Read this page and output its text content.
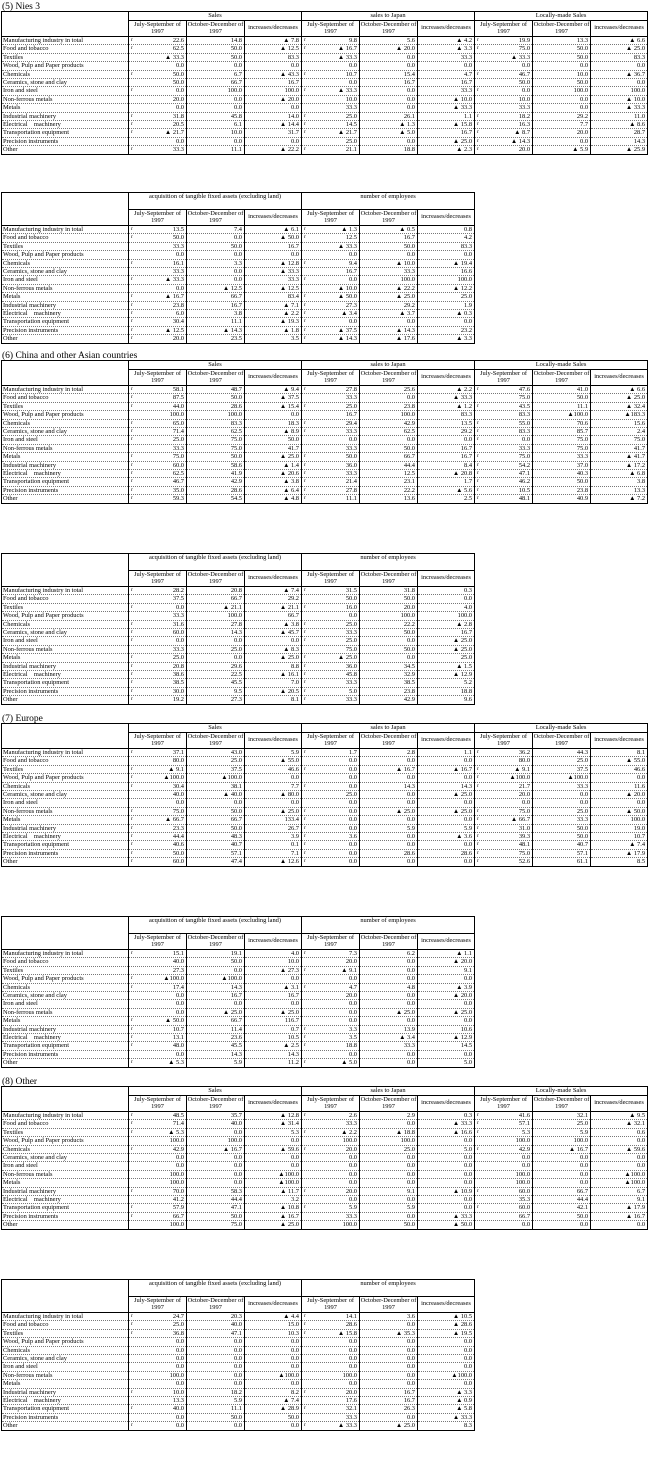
(5) Nies 3
	Sales			sales to Japan			Locally-made Sales		
	July-September of 1997	October-December of 1997	increases/decreases	July-September of 1997	October-December of 1997	increases/decreases	July-September of 1997	October-December of 1997	increases/decreases
Manufacturing industry in total	r 22.6	14.8	▲ 7.8	r 9.8	5.6	▲ 4.2	r 19.9	13.3	▲ 6.6
Food and tobacco	r 62.5	50.0	▲ 12.5	r ▲ 16.7	▲ 20.0	▲ 3.3	r 75.0	50.0	▲ 25.0
Textiles	▲ 33.3	50.0	83.3	▲ 33.3	0.0	33.3	▲ 33.3	50.0	83.3
Wood, Pulp and Paper products	0.0	0.0	0.0	0.0	0.0	0.0	0.0	0.0	0.0
Chemicals	r 50.0	6.7	▲ 43.3	r 10.7	15.4	4.7	r 46.7	10.0	▲ 36.7
Ceramics, stone and clay	50.0	66.7	16.7	0.0	16.7	16.7	50.0	50.0	0.0
Iron and steel	r 0.0	100.0	100.0	r ▲ 33.3	0.0	33.3	r 0.0	100.0	100.0
Non-ferrous metals	20.0	0.0	▲ 20.0	10.0	0.0	▲ 10.0	10.0	0.0	▲ 10.0
Metals	0.0	0.0	0.0	33.3	0.0	▲ 33.3	33.3	0.0	▲ 33.3
Industrial machinery	r 31.8	45.8	14.0	r 25.0	26.1	1.1	r 18.2	29.2	11.0
Electrical　machinery	r 20.5	6.1	▲ 14.4	r 14.5	▲ 1.3	▲ 15.8	r 16.3	7.7	▲ 8.6
Transportation equipment	r ▲ 21.7	10.0	31.7	r ▲ 21.7	▲ 5.0	16.7	r ▲ 8.7	20.0	28.7
Precision instruments	0.0	0.0	0.0	25.0	0.0	▲ 25.0	r ▲ 14.3	0.0	14.3
Other	r 33.3	11.1	▲ 22.2	r 21.1	18.8	▲ 2.3	r 20.0	▲ 5.9	▲ 25.9
	acquisition of tangible fixed assets (excluding land)			number of employees		
	July-September of 1997	October-December of 1997	increases/decreases	July-September of 1997	October-December of 1997	increases/decreases
Manufacturing industry in total	r 13.5	7.4	▲ 6.1	r ▲ 1.3	▲ 0.5	0.8
Food and tobacco	r 50.0	0.0	▲ 50.0	r 12.5	16.7	4.2
Textiles	33.3	50.0	16.7	▲ 33.3	50.0	83.3
Wood, Pulp and Paper products	0.0	0.0	0.0	0.0	0.0	0.0
Chemicals	r 16.1	3.3	▲ 12.8	r 9.4	▲ 10.0	▲ 19.4
Ceramics, stone and clay	33.3	0.0	▲ 33.3	16.7	33.3	16.6
Iron and steel	r ▲ 33.3	0.0	33.3	r 0.0	100.0	100.0
Non-ferrous metals	0.0	▲ 12.5	▲ 12.5	▲ 10.0	▲ 22.2	▲ 12.2
Metals	r ▲ 16.7	66.7	83.4	r ▲ 50.0	▲ 25.0	25.0
Industrial machinery	r 23.8	16.7	▲ 7.1	r 27.3	29.2	1.9
Electrical　machinery	r 6.0	3.8	▲ 2.2	r ▲ 3.4	▲ 3.7	▲ 0.3
Transportation equipment	r 30.4	11.1	▲ 19.3	r 0.0	0.0	0.0
Precision instruments	r ▲ 12.5	▲ 14.3	▲ 1.8	r ▲ 37.5	▲ 14.3	23.2
Other	r 20.0	23.5	3.5	r ▲ 14.3	▲ 17.6	▲ 3.3
(6) China and other Asian countries
	Sales			sales to Japan			Locally-made Sales		
	July-September of 1997	October-December of 1997	increases/decreases	July-September of 1997	October-December of 1997	increases/decreases	July-September of 1997	October-December of 1997	increases/decreases
Manufacturing industry in total	r 58.1	48.7	▲ 9.4	r 27.8	25.6	▲ 2.2	r 47.6	41.0	▲ 6.6
Food and tobacco	r 87.5	50.0	▲ 37.5	33.3	0.0	▲ 33.3	75.0	50.0	▲ 25.0
Textiles	r 44.0	28.6	▲ 15.4	r 25.0	23.8	▲ 1.2	r 43.5	11.1	▲ 32.4
Wood, Pulp and Paper products	100.0	100.0	0.0	16.7	100.0	83.3	83.3	▲100.0	▲183.3
Chemicals	r 65.0	83.3	18.3	r 29.4	42.9	13.5	r 55.0	70.6	15.6
Ceramics, stone and clay	r 71.4	62.5	▲ 8.9	r 33.3	62.5	29.2	r 83.3	85.7	2.4
Iron and steel	r 25.0	75.0	50.0	0.0	0.0	0.0	r 0.0	75.0	75.0
Non-ferrous metals	33.3	75.0	41.7	33.3	50.0	16.7	33.3	75.0	41.7
Metals	r 75.0	50.0	▲ 25.0	r 50.0	66.7	16.7	r 75.0	33.3	▲ 41.7
Industrial machinery	r 60.0	58.6	▲ 1.4	r 36.0	44.4	8.4	r 54.2	37.0	▲ 17.2
Electrical　machinery	r 62.5	41.9	▲ 20.6	r 33.3	12.5	▲ 20.8	r 47.1	40.3	▲ 6.8
Transportation equipment	r 46.7	42.9	▲ 3.8	r 21.4	23.1	1.7	r 46.2	50.0	3.8
Precision instruments	r 35.0	28.6	▲ 6.4	r 27.8	22.2	▲ 5.6	r 10.5	23.8	13.3
Other	r 59.3	54.5	▲ 4.8	r 11.1	13.6	2.5	r 48.1	40.9	▲ 7.2
	acquisition of tangible fixed assets (excluding land)			number of employees		
	July-September of 1997	October-December of 1997	increases/decreases	July-September of 1997	October-December of 1997	increases/decreases
Manufacturing industry in total	r 28.2	20.8	▲ 7.4	r 31.5	31.8	0.3
Food and tobacco	37.5	66.7	29.2	50.0	50.0	0.0
Textiles	r 0.0	▲ 21.1	▲ 21.1	r 16.0	20.0	4.0
Wood, Pulp and Paper products	33.3	100.0	66.7	0.0	100.0	100.0
Chemicals	r 31.6	27.8	▲ 3.8	r 25.0	22.2	▲ 2.8
Ceramics, stone and clay	r 60.0	14.3	▲ 45.7	r 33.3	50.0	16.7
Iron and steel	r 0.0	0.0	0.0	r 25.0	0.0	▲ 25.0
Non-ferrous metals	33.3	25.0	▲ 8.3	75.0	50.0	▲ 25.0
Metals	r 25.0	0.0	▲ 25.0	r ▲ 25.0	0.0	25.0
Industrial machinery	r 20.8	29.6	8.8	r 36.0	34.5	▲ 1.5
Electrical　machinery	r 38.6	22.5	▲ 16.1	r 45.8	32.9	▲ 12.9
Transportation equipment	r 38.5	45.5	7.0	r 33.3	38.5	5.2
Precision instruments	r 30.0	9.5	▲ 20.5	r 5.0	23.8	18.8
Other	r 19.2	27.3	8.1	r 33.3	42.9	9.6
(7) Europe
	Sales			sales to Japan			Locally-made Sales		
	July-September of 1997	October-December of 1997	increases/decreases	July-September of 1997	October-December of 1997	increases/decreases	July-September of 1997	October-December of 1997	increases/decreases
Manufacturing industry in total	r 37.1	43.0	5.9	r 1.7	2.8	1.1	r 36.2	44.3	8.1
Food and tobacco	80.0	25.0	▲ 55.0	0.0	0.0	0.0	80.0	25.0	▲ 55.0
Textiles	r ▲ 9.1	37.5	46.6	r 0.0	▲ 16.7	▲ 16.7	r ▲ 9.1	37.5	46.6
Wood, Pulp and Paper products	r ▲100.0	▲100.0	0.0	0.0	0.0	0.0	r ▲100.0	▲100.0	0.0
Chemicals	r 30.4	38.1	7.7	r 0.0	14.3	14.3	r 21.7	33.3	11.6
Ceramics, stone and clay	40.0	▲ 40.0	▲ 80.0	25.0	0.0	▲ 25.0	20.0	0.0	▲ 20.0
Iron and steel	0.0	0.0	0.0	0.0	0.0	0.0	0.0	0.0	0.0
Non-ferrous metals	r 75.0	50.0	▲ 25.0	r 0.0	▲ 25.0	▲ 25.0	r 75.0	25.0	▲ 50.0
Metals	r ▲ 66.7	66.7	133.4	r 0.0	0.0	0.0	r ▲ 66.7	33.3	100.0
Industrial machinery	r 23.3	50.0	26.7	r 0.0	5.9	5.9	r 31.0	50.0	19.0
Electrical　machinery	r 44.4	48.3	3.9	r 3.6	0.0	▲ 3.6	r 39.3	50.0	10.7
Transportation equipment	r 40.6	40.7	0.1	r 0.0	0.0	0.0	r 48.1	40.7	▲ 7.4
Precision instruments	r 50.0	57.1	7.1	r 0.0	28.6	28.6	r 75.0	57.1	▲ 17.9
Other	r 60.0	47.4	▲ 12.6	r 0.0	0.0	0.0	r 52.6	61.1	8.5
	acquisition of tangible fixed assets (excluding land)			number of employees		
	July-September of 1997	October-December of 1997	increases/decreases	July-September of 1997	October-December of 1997	increases/decreases
Manufacturing industry in total	r 15.1	19.1	4.0	r 7.3	6.2	▲ 1.1
Food and tobacco	40.0	50.0	10.0	20.0	0.0	▲ 20.0
Textiles	27.3	0.0	▲ 27.3	r ▲ 9.1	0.0	9.1
Wood, Pulp and Paper products	r ▲100.0	▲100.0	0.0	0.0	0.0	0.0
Chemicals	r 17.4	14.3	▲ 3.1	r 4.7	4.8	▲ 3.9
Ceramics, stone and clay	0.0	16.7	16.7	20.0	0.0	▲ 20.0
Iron and steel	0.0	0.0	0.0	0.0	0.0	0.0
Non-ferrous metals	0.0	▲ 25.0	▲ 25.0	0.0	▲ 25.0	▲ 25.0
Metals	r ▲ 50.0	66.7	116.7	0.0	0.0	0.0
Industrial machinery	r 10.7	11.4	0.7	r 3.3	13.9	10.6
Electrical　machinery	r 13.1	23.6	10.5	r 3.5	▲ 3.4	▲ 12.9
Transportation equipment	r 48.0	45.5	▲ 2.5	r 18.8	33.3	14.5
Precision instruments	0.0	14.3	14.3	0.0	0.0	0.0
Other	r ▲ 5.3	5.9	11.2	r ▲ 5.0	0.0	5.0
(8) Other
	Sales			sales to Japan			Locally-made Sales		
	July-September of 1997	October-December of 1997	increases/decreases	July-September of 1997	October-December of 1997	increases/decreases	July-September of 1997	October-December of 1997	increases/decreases
Manufacturing industry in total	r 48.5	35.7	▲ 12.8	r 2.6	2.9	0.3	r 41.6	32.1	▲ 9.5
Food and tobacco	r 71.4	40.0	▲ 31.4	33.3	0.0	▲ 33.3	r 57.1	25.0	▲ 32.1
Textiles	r ▲ 5.3	0.0	5.3	r ▲ 2.2	▲ 18.8	▲ 16.6	r 5.3	5.9	0.6
Wood, Pulp and Paper products	100.0	100.0	0.0	100.0	100.0	0.0	100.0	100.0	0.0
Chemicals	r 42.9	▲ 16.7	▲ 59.6	r 20.0	25.0	5.0	r 42.9	▲ 16.7	▲ 59.6
Ceramics, stone and clay	0.0	0.0	0.0	0.0	0.0	0.0	0.0	0.0	0.0
Iron and steel	0.0	0.0	0.0	0.0	0.0	0.0	0.0	0.0	0.0
Non-ferrous metals	100.0	0.0	▲100.0	0.0	0.0	0.0	100.0	0.0	▲100.0
Metals	100.0	0.0	▲100.0	0.0	0.0	0.0	100.0	0.0	▲100.0
Industrial machinery	r 70.0	58.3	▲ 11.7	r 20.0	9.1	▲ 10.9	r 60.0	66.7	6.7
Electrical　machinery	41.2	44.4	3.2	0.0	0.0	0.0	35.3	44.4	9.1
Transportation equipment	r 57.9	47.1	▲ 10.8	r 5.9	5.9	0.0	r 60.0	42.1	▲ 17.9
Precision instruments	r 66.7	50.0	▲ 16.7	33.3	0.0	▲ 33.3	66.7	50.0	▲ 16.7
Other	100.0	75.0	▲ 25.0	100.0	50.0	▲ 50.0	0.0	0.0	0.0
	acquisition of tangible fixed assets (excluding land)			number of employees		
	July-September of 1997	October-December of 1997	increases/decreases	July-September of 1997	October-December of 1997	increases/decreases
Manufacturing industry in total	r 24.7	20.3	▲ 4.4	r 14.1	3.6	▲ 10.5
Food and tobacco	r 25.0	40.0	15.0	r 28.6	0.0	▲ 28.6
Textiles	r 36.8	47.1	10.3	r ▲ 15.8	▲ 35.3	▲ 19.5
Wood, Pulp and Paper products	0.0	0.0	0.0	0.0	0.0	0.0
Chemicals	0.0	0.0	0.0	0.0	0.0	0.0
Ceramics, stone and clay	0.0	0.0	0.0	0.0	0.0	0.0
Iron and steel	0.0	0.0	0.0	0.0	0.0	0.0
Non-ferrous metals	100.0	0.0	▲100.0	100.0	0.0	▲100.0
Metals	0.0	0.0	0.0	0.0	0.0	0.0
Industrial machinery	r 10.0	18.2	8.2	r 20.0	16.7	▲ 3.3
Electrical　machinery	13.3	5.9	▲ 7.4	17.6	16.7	▲ 0.9
Transportation equipment	r 40.0	11.1	▲ 28.9	r 32.1	26.3	▲ 5.8
Precision instruments	0.0	50.0	50.0	33.3	0.0	▲ 33.3
Other	r 0.0	0.0	0.0	r ▲ 33.3	▲ 25.0	8.3
